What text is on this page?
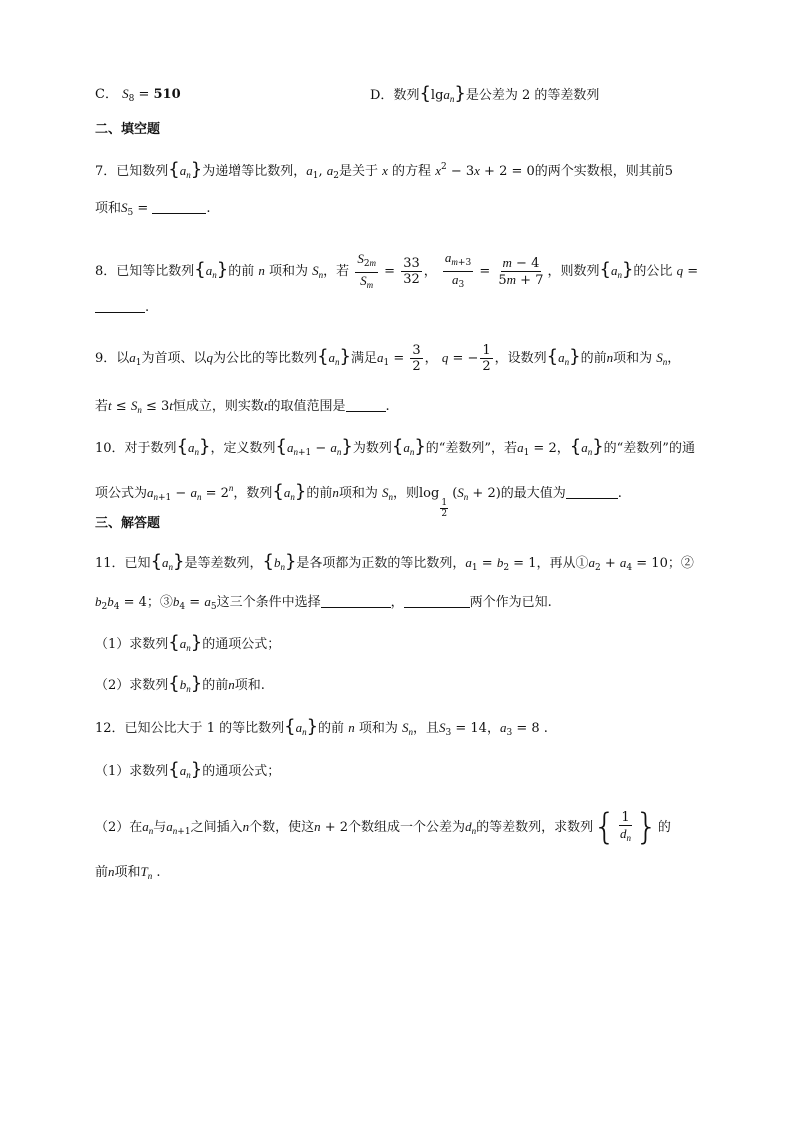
C． $S_8 = 510$	D．数列{lga$_n$}是公差为 2 的等差数列
二、填空题
7．已知数列$\{a_n\}$为递增等比数列，$a_1$, $a_2$是关于 x 的方程 $x^2 - 3x + 2 = 0$的两个实数根，则其前5
项和$S_5$ =	.
8．已知等比数列$\{a_n\}$的前 n 项和为 $S_n$，若 $\frac{S_{2m}}{S_m} = \frac{33}{32}$ ， $\frac{a_{m+3}}{a_3} = \frac{m - 4}{5m + 7}$ ，则数列$\{a_n\}$的公比 q =
.
9．以$a_1$为首项、以q为公比的等比数列$\{a_n\}$满足$a_1 = \frac{3}{2}$ ， q = − $\frac{1}{2}$ ，设数列$\{a_n\}$的前n项和为 $S_n$，
若$t \le S_n \le 3t$恒成立，则实数t的取值范围是	.
10．对于数列$\{a_n\}$，定义数列$\{a_{n+1} - a_n\}$为数列$\{a_n\}$的“差数列”，若$a_1 = 2$，$\{a_n\}$的“差数列”的通
项公式为$a_{n+1} - a_n = 2^n$，数列$\{a_n\}$的前n项和为 $S_n$，则log
$\frac{1}{2}$
$(S_n + 2)$的最大值为	.
三、解答题
11．已知$\{a_n\}$是等差数列，$\{b_n\}$是各项都为正数的等比数列，$a_1 = b_2 = 1$，再从$①a_2 + a_4 = 10$；②
$b_2b_4 = 4$；$③b_4 = a_5$这三个条件中选择	，	两个作为已知.
（1）求数列$\{a_n\}$的通项公式；
（2）求数列$\{b_n\}$的前n项和.
12．已知公比大于 1 的等比数列$\{a_n\}$的前 n 项和为 $S_n$，且$S_3 = 14$，$a_3 = 8$ .
（1）求数列$\{a_n\}$的通项公式；
（2）在$a_n$与$a_{n+1}$之间插入n个数，使这n + 2个数组成一个公差为$d_n$的等差数列，求数列{ $\frac{1}{d_n}$ }的
前n项和$T_n$ .
